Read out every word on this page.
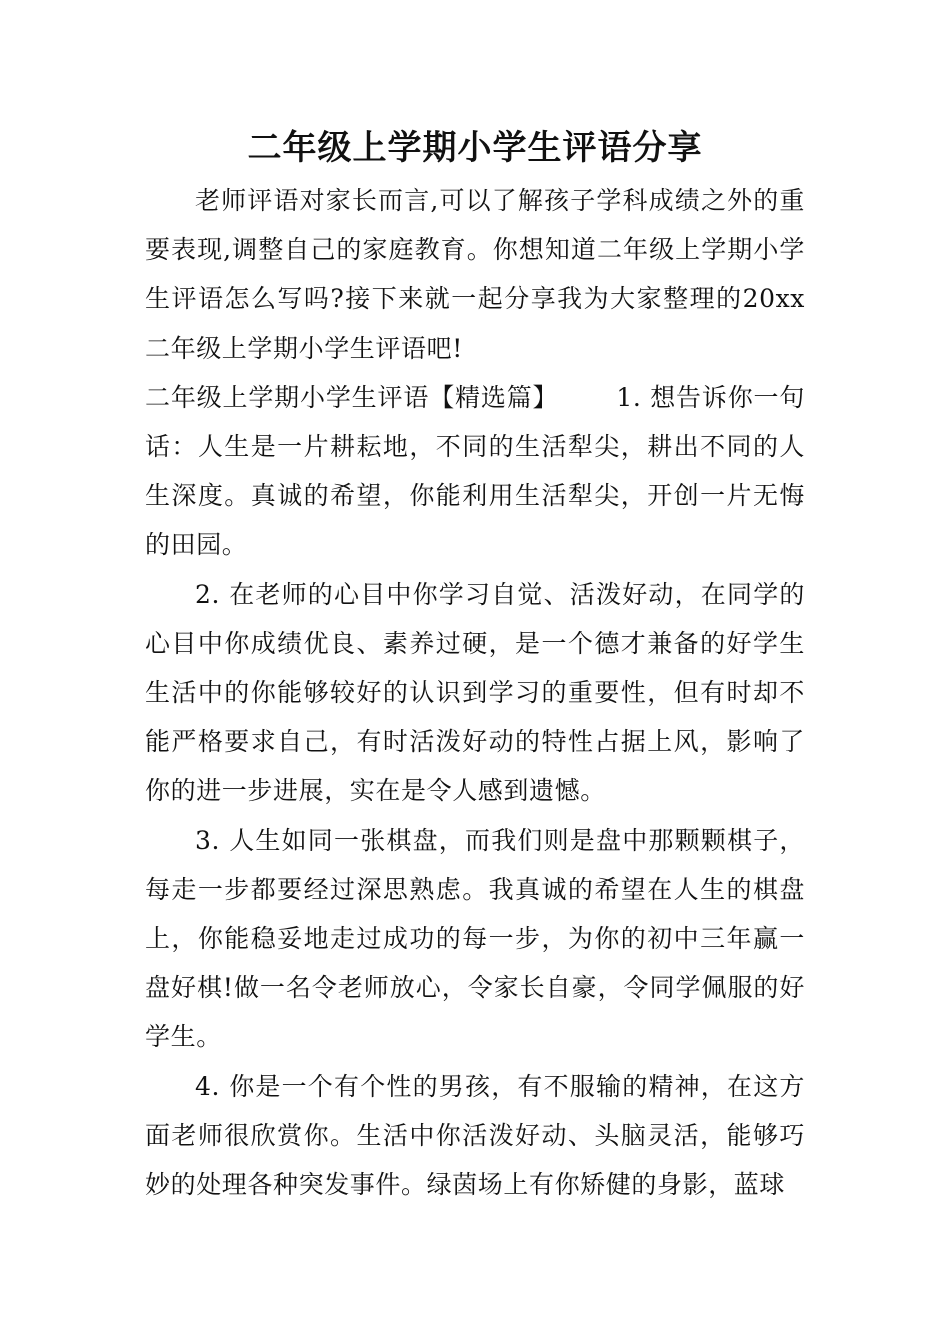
二年级上学期小学生评语分享

老师评语对家长而言,可以了解孩子学科成绩之外的重要表现,调整自己的家庭教育。你想知道二年级上学期小学生评语怎么写吗?接下来就一起分享我为大家整理的20xx二年级上学期小学生评语吧!

二年级上学期小学生评语【精选篇】 1. 想告诉你一句话：人生是一片耕耘地，不同的生活犁尖，耕出不同的人生深度。真诚的希望，你能利用生活犁尖，开创一片无悔的田园。

2. 在老师的心目中你学习自觉、活泼好动，在同学的心目中你成绩优良、素养过硬，是一个德才兼备的好学生生活中的你能够较好的认识到学习的重要性，但有时却不能严格要求自己，有时活泼好动的特性占据上风，影响了你的进一步进展，实在是令人感到遗憾。

3. 人生如同一张棋盘，而我们则是盘中那颗颗棋子，每走一步都要经过深思熟虑。我真诚的希望在人生的棋盘上，你能稳妥地走过成功的每一步，为你的初中三年赢一盘好棋!做一名令老师放心，令家长自豪，令同学佩服的好学生。

4. 你是一个有个性的男孩，有不服输的精神，在这方面老师很欣赏你。生活中你活泼好动、头脑灵活，能够巧妙的处理各种突发事件。绿茵场上有你矫健的身影，蓝球
